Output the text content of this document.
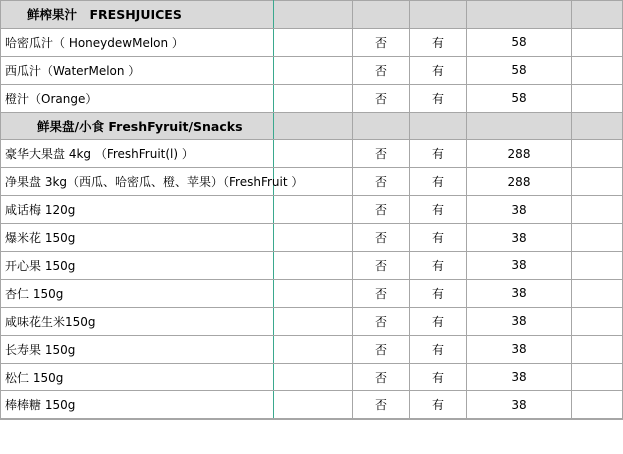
鲜榨果汁　FRESHJUICES					
哈密瓜汁（ HoneydewMelon ）		否	有	58	
西瓜汁（WaterMelon ）		否	有	58	
橙汁（Orange）		否	有	58	
鲜果盘/小食 FreshFyruit/Snacks					
豪华大果盘 4kg （FreshFruit(l) ）		否	有	288	
净果盘 3kg（西瓜、哈密瓜、橙、苹果）（FreshFruit ）		否	有	288	
咸话梅 120g		否	有	38	
爆米花 150g		否	有	38	
开心果 150g		否	有	38	
杏仁 150g		否	有	38	
咸味花生米150g		否	有	38	
长寿果 150g		否	有	38	
松仁 150g		否	有	38	
棒棒糖 150g		否	有	38	
